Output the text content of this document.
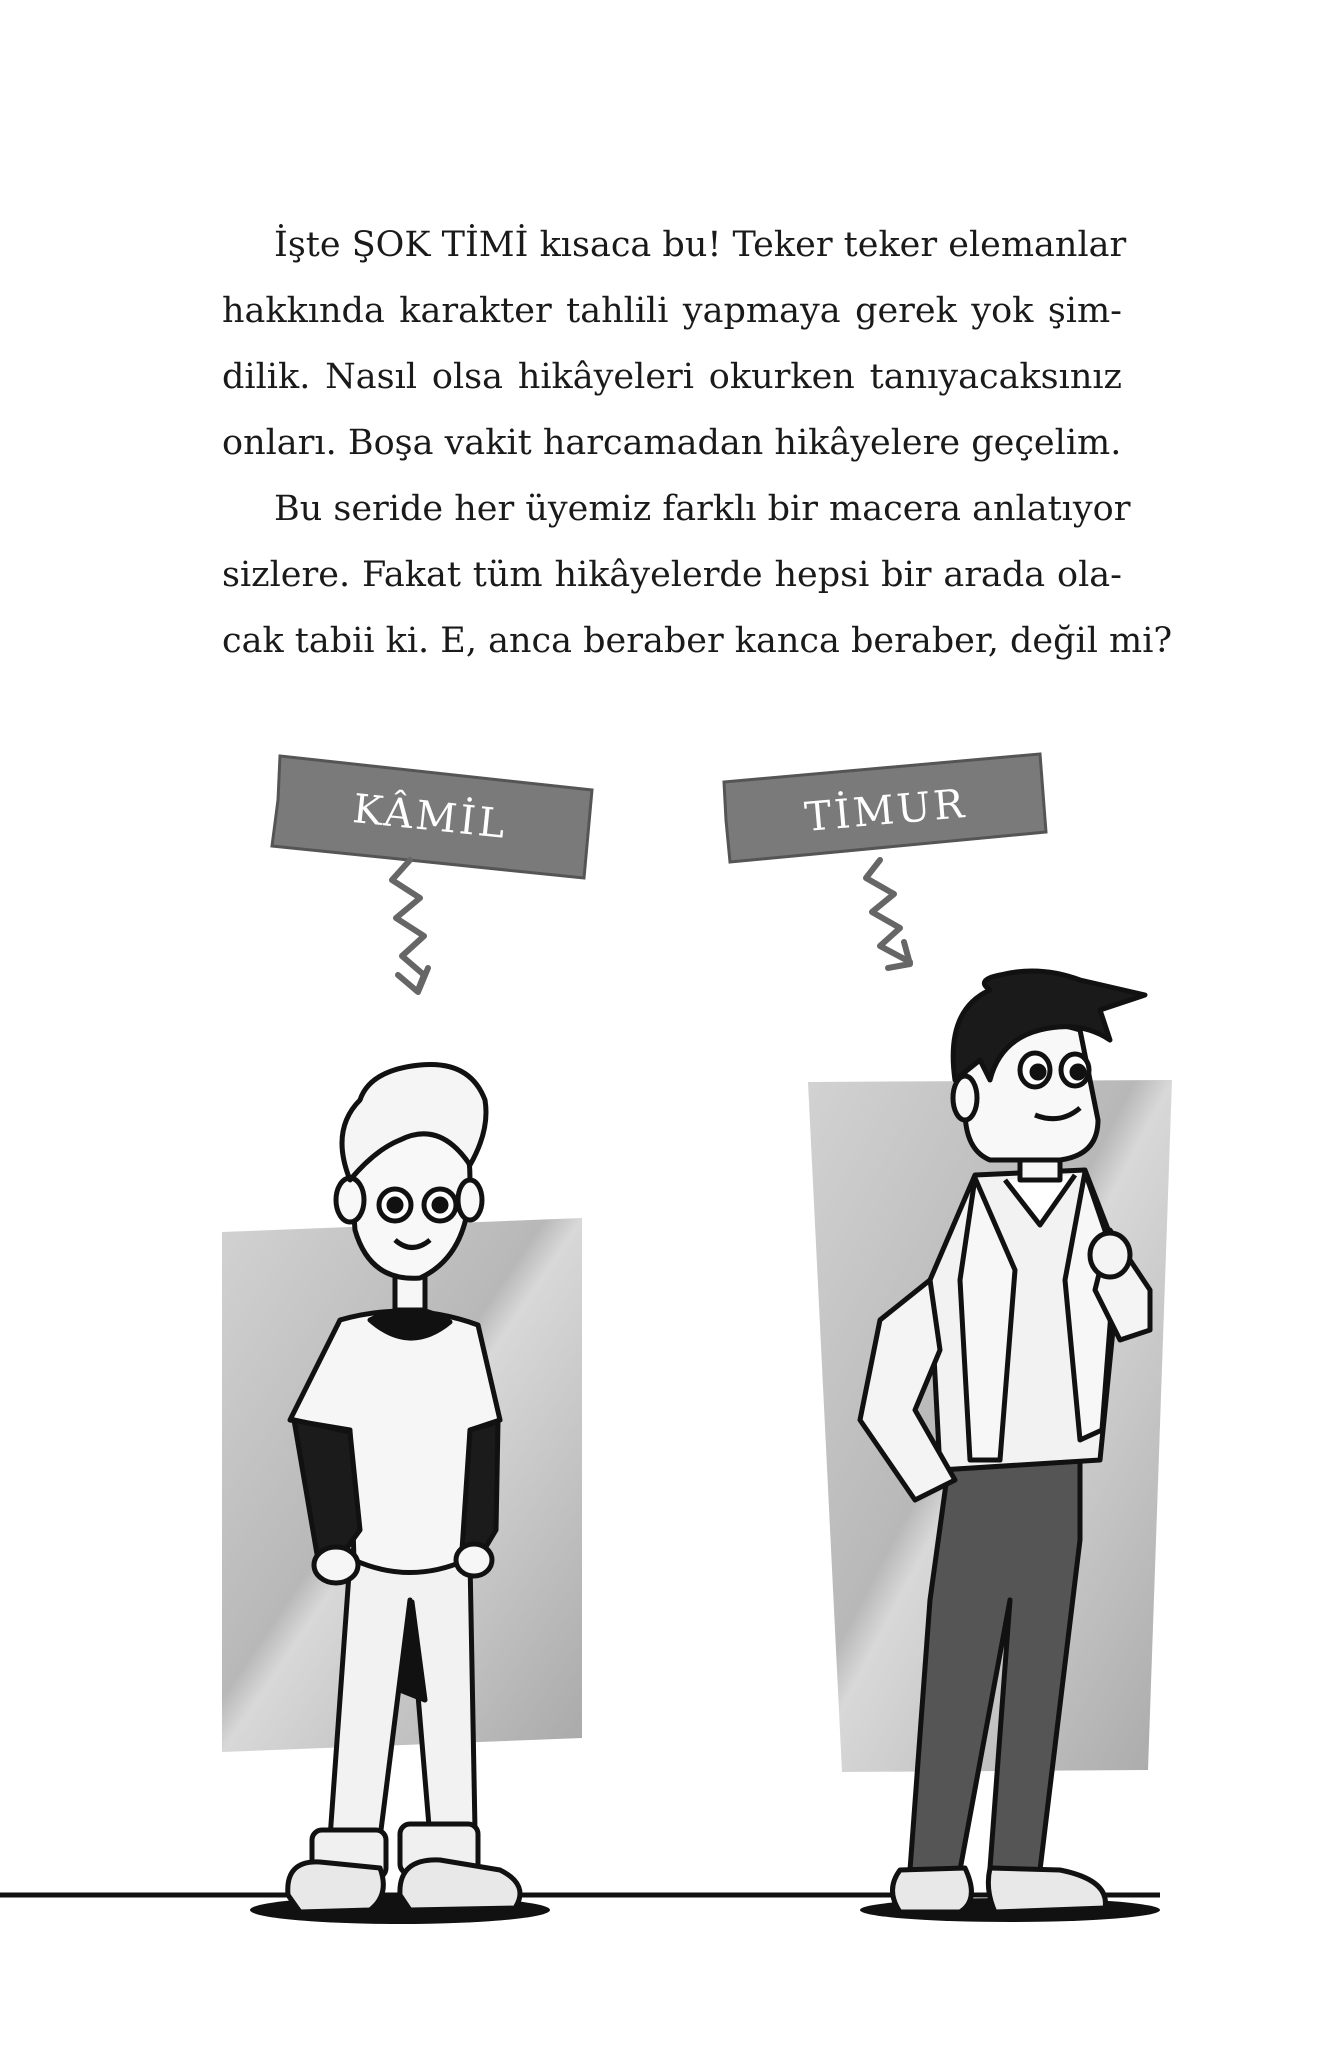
İşte ŞOK TİMİ kısaca bu! Teker teker elemanlar
hakkında karakter tahlili yapmaya gerek yok şim-
dilik. Nasıl olsa hikâyeleri okurken tanıyacaksınız
onları. Boşa vakit harcamadan hikâyelere geçelim.
Bu seride her üyemiz farklı bir macera anlatıyor
sizlere. Fakat tüm hikâyelerde hepsi bir arada ola-
cak tabii ki. E, anca beraber kanca beraber, değil mi?
KÂMİL	TİMUR
